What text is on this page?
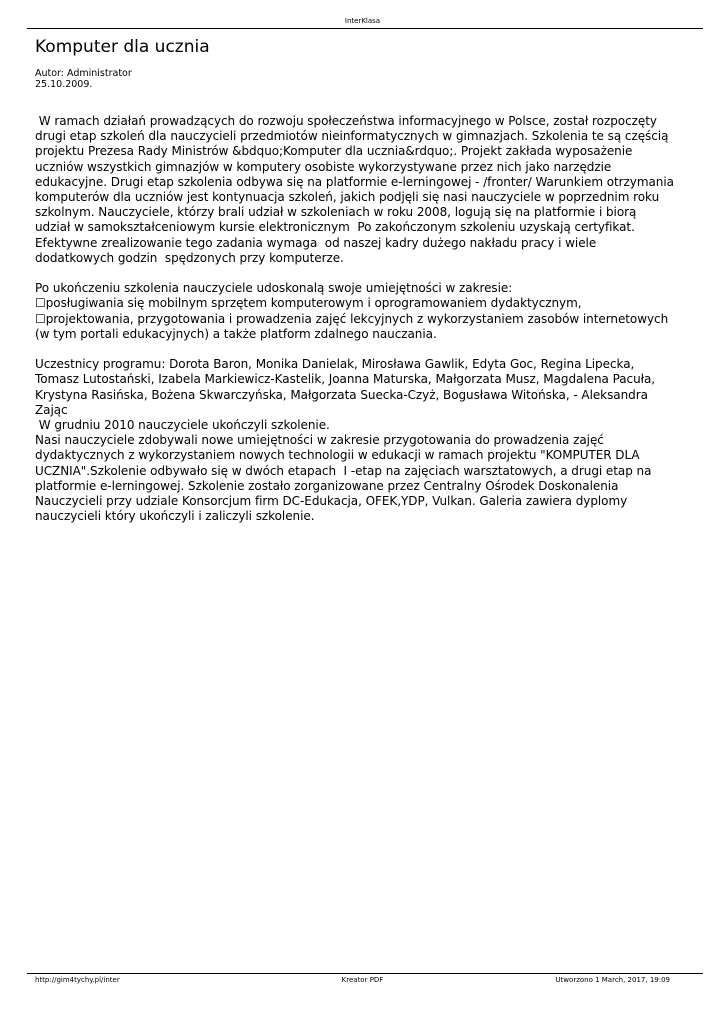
InterKlasa
Komputer dla ucznia
Autor: Administrator
25.10.2009.

W ramach działań prowadzących do rozwoju społeczeństwa informacyjnego w Polsce, został rozpoczęty drugi etap szkoleń dla nauczycieli przedmiotów nieinformatycznych w gimnazjach. Szkolenia te są częścią  projektu Prezesa Rady Ministrów &bdquo;Komputer dla ucznia&rdquo;. Projekt zakłada wyposażenie uczniów wszystkich gimnazjów w komputery osobiste wykorzystywane przez nich jako narzędzie edukacyjne. Drugi etap szkolenia odbywa się na platformie e-lerningowej - /fronter/ Warunkiem otrzymania komputerów dla uczniów jest kontynuacja szkoleń, jakich podjęli się nasi nauczyciele w poprzednim roku szkolnym. Nauczyciele, którzy brali udział w szkoleniach w roku 2008, logują się na platformie i biorą udział w samokształceniowym kursie elektronicznym  Po zakończonym szkoleniu uzyskają certyfikat. Efektywne zrealizowanie tego zadania wymaga  od naszej kadry dużego nakładu pracy i wiele dodatkowych godzin  spędzonych przy komputerze.

Po ukończeniu szkolenia nauczyciele udoskonalą swoje umiejętności w zakresie:
☐posługiwania się mobilnym sprzętem komputerowym i oprogramowaniem dydaktycznym,
☐projektowania, przygotowania i prowadzenia zajęć lekcyjnych z wykorzystaniem zasobów internetowych (w tym portali edukacyjnych) a także platform zdalnego nauczania.

Uczestnicy programu: Dorota Baron, Monika Danielak, Mirosława Gawlik, Edyta Goc, Regina Lipecka, Tomasz Lutostański, Izabela Markiewicz-Kastelik, Joanna Maturska, Małgorzata Musz, Magdalena Pacuła, Krystyna Rasińska, Bożena Skwarczyńska, Małgorzata Suecka-Czyż, Bogusława Witońska, - Aleksandra Zając

W grudniu 2010 nauczyciele ukończyli szkolenie.

Nasi nauczyciele zdobywali nowe umiejętności w zakresie przygotowania do prowadzenia zajęć dydaktycznych z wykorzystaniem nowych technologii w edukacji w ramach projektu "KOMPUTER DLA UCZNIA".Szkolenie odbywało się w dwóch etapach  I -etap na zajęciach warsztatowych, a drugi etap na platformie e-lerningowej. Szkolenie zostało zorganizowane przez Centralny Ośrodek Doskonalenia Nauczycieli przy udziale Konsorcjum firm DC-Edukacja, OFEK,YDP, Vulkan. Galeria zawiera dyplomy nauczycieli który ukończyli i zaliczyli szkolenie.

http://gim4tychy.pl/inter	Kreator PDF	Utworzono 1 March, 2017, 19:09
